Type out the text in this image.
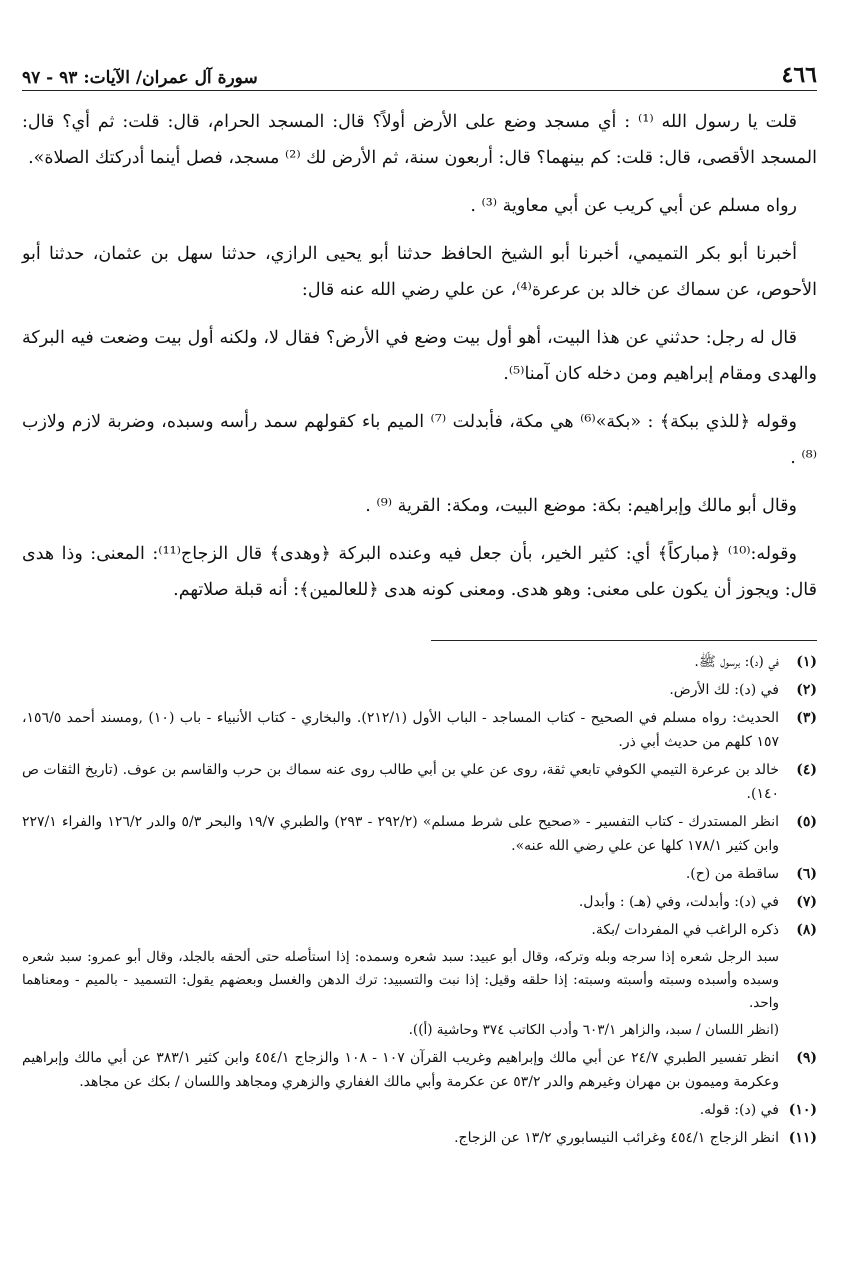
٤٦٦
سورة آل عمران/ الآيات: ٩٣ - ٩٧

قلت يا رسول الله ⁽¹⁾ : أي مسجد وضع على الأرض أولاً؟ قال: المسجد الحرام، قال: قلت: ثم أي؟ قال: المسجد الأقصى، قال: قلت: كم بينهما؟ قال: أربعون سنة، ثم الأرض لك ⁽²⁾ مسجد، فصل أينما أدركتك الصلاة».

رواه مسلم عن أبي كريب عن أبي معاوية ⁽³⁾ .

أخبرنا أبو بكر التميمي، أخبرنا أبو الشيخ الحافظ حدثنا أبو يحيى الرازي، حدثنا سهل بن عثمان، حدثنا أبو الأحوص، عن سماك عن خالد بن عرعرة⁽⁴⁾، عن علي رضي الله عنه قال:

قال له رجل: حدثني عن هذا البيت، أهو أول بيت وضع في الأرض؟ فقال لا، ولكنه أول بيت وضعت فيه البركة والهدى ومقام إبراهيم ومن دخله كان آمنا⁽⁵⁾.

وقوله ﴿للذي ببكة﴾ : «بكة»⁽⁶⁾ هي مكة، فأبدلت ⁽⁷⁾ الميم باء كقولهم سمد رأسه وسبده، وضربة لازم ولازب ⁽⁸⁾ .

وقال أبو مالك وإبراهيم: بكة: موضع البيت، ومكة: القرية ⁽⁹⁾ .

وقوله:⁽¹⁰⁾ ﴿مباركاً﴾ أي: كثير الخير، بأن جعل فيه وعنده البركة ﴿وهدى﴾ قال الزجاج⁽¹¹⁾: المعنى: وذا هدى قال: ويجوز أن يكون على معنى: وهو هدى. ومعنى كونه هدى ﴿للعالمين﴾: أنه قبلة صلاتهم.

(١)
في (د): برسول ﷺ.
(٢)
في (د): لك الأرض.
(٣)
الحديث: رواه مسلم في الصحيح - كتاب المساجد - الباب الأول (٢١٢/١). والبخاري - كتاب الأنبياء - باب (١٠) ,ومسند أحمد ١٥٦/٥، ١٥٧ كلهم من حديث أبي ذر.
(٤)
خالد بن عرعرة التيمي الكوفي تابعي ثقة، روى عن علي بن أبي طالب روى عنه سماك بن حرب والقاسم بن عوف. (تاريخ الثقات ص ١٤٠).
(٥)
انظر المستدرك - كتاب التفسير - «صحيح على شرط مسلم» (٢٩٢/٢ - ٢٩٣) والطبري ١٩/٧ والبحر ٥/٣ والدر ١٢٦/٢ والفراء ٢٢٧/١ وابن كثير ١٧٨/١ كلها عن علي رضي الله عنه».
(٦)
ساقطة من (ح).
(٧)
في (د): وأبدلت، وفي (هـ) : وأبدل.
(٨)
ذكره الراغب في المفردات /بكة.
سبد الرجل شعره إذا سرجه وبله وتركه، وقال أبو عبيد: سبد شعره وسمده: إذا استأصله حتى ألحقه بالجلد، وقال أبو عمرو: سبد شعره وسبده وأسبده وسبته وأسبته وسبته: إذا حلقه وقيل: إذا نبت والتسبيد: ترك الدهن والغسل وبعضهم يقول: التسميد - بالميم - ومعناهما واحد.
(انظر اللسان / سبد، والزاهر ٦٠٣/١ وأدب الكاتب ٣٧٤ وحاشية (أ)).
(٩)
انظر تفسير الطبري ٢٤/٧ عن أبي مالك وإبراهيم وغريب القرآن ١٠٧ - ١٠٨ والزجاج ٤٥٤/١ وابن كثير ٣٨٣/١ عن أبي مالك وإبراهيم وعكرمة وميمون بن مهران وغيرهم والدر ٥٣/٢ عن عكرمة وأبي مالك الغفاري والزهري ومجاهد واللسان / بكك عن مجاهد.
(١٠)
في (د): قوله.
(١١)
انظر الزجاج ٤٥٤/١ وغرائب النيسابوري ١٣/٢ عن الزجاج.
